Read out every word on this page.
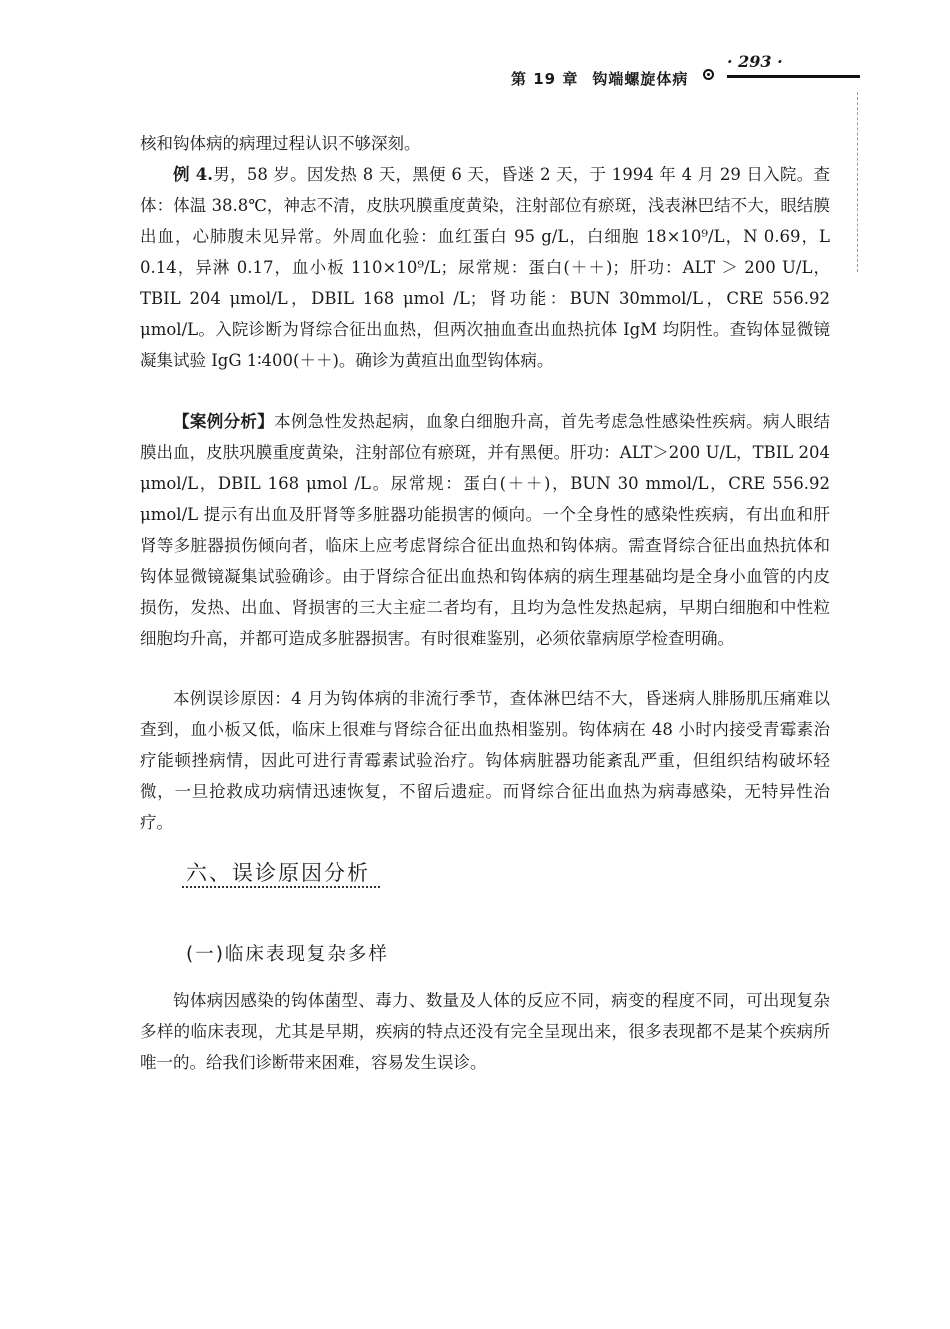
第 19 章 钩端螺旋体病
· 293 ·

核和钩体病的病理过程认识不够深刻。

例 4.男，58 岁。因发热 8 天，黑便 6 天，昏迷 2 天，于 1994 年 4 月 29 日入院。查体：体温 38.8℃，神志不清，皮肤巩膜重度黄染，注射部位有瘀斑，浅表淋巴结不大，眼结膜出血，心肺腹未见异常。外周血化验：血红蛋白 95 g/L，白细胞 18×10⁹/L，N 0.69，L 0.14，异淋 0.17，血小板 110×10⁹/L；尿常规：蛋白(＋＋)；肝功：ALT ＞ 200 U/L，TBIL 204 μmol/L，DBIL 168 μmol /L；肾功能：BUN 30mmol/L，CRE 556.92 μmol/L。入院诊断为肾综合征出血热，但两次抽血查出血热抗体 IgM 均阴性。查钩体显微镜凝集试验 IgG 1∶400(＋＋)。确诊为黄疸出血型钩体病。

【案例分析】本例急性发热起病，血象白细胞升高，首先考虑急性感染性疾病。病人眼结膜出血，皮肤巩膜重度黄染，注射部位有瘀斑，并有黑便。肝功：ALT＞200 U/L，TBIL 204 μmol/L，DBIL 168 μmol /L。尿常规：蛋白(＋＋)，BUN 30 mmol/L，CRE 556.92 μmol/L 提示有出血及肝肾等多脏器功能损害的倾向。一个全身性的感染性疾病，有出血和肝肾等多脏器损伤倾向者，临床上应考虑肾综合征出血热和钩体病。需查肾综合征出血热抗体和钩体显微镜凝集试验确诊。由于肾综合征出血热和钩体病的病生理基础均是全身小血管的内皮损伤，发热、出血、肾损害的三大主症二者均有，且均为急性发热起病，早期白细胞和中性粒细胞均升高，并都可造成多脏器损害。有时很难鉴别，必须依靠病原学检查明确。

本例误诊原因：4 月为钩体病的非流行季节，查体淋巴结不大，昏迷病人腓肠肌压痛难以查到，血小板又低，临床上很难与肾综合征出血热相鉴别。钩体病在 48 小时内接受青霉素治疗能顿挫病情，因此可进行青霉素试验治疗。钩体病脏器功能紊乱严重，但组织结构破坏轻微，一旦抢救成功病情迅速恢复，不留后遗症。而肾综合征出血热为病毒感染，无特异性治疗。

六、误诊原因分析
(一)临床表现复杂多样

钩体病因感染的钩体菌型、毒力、数量及人体的反应不同，病变的程度不同，可出现复杂多样的临床表现，尤其是早期，疾病的特点还没有完全呈现出来，很多表现都不是某个疾病所唯一的。给我们诊断带来困难，容易发生误诊。
